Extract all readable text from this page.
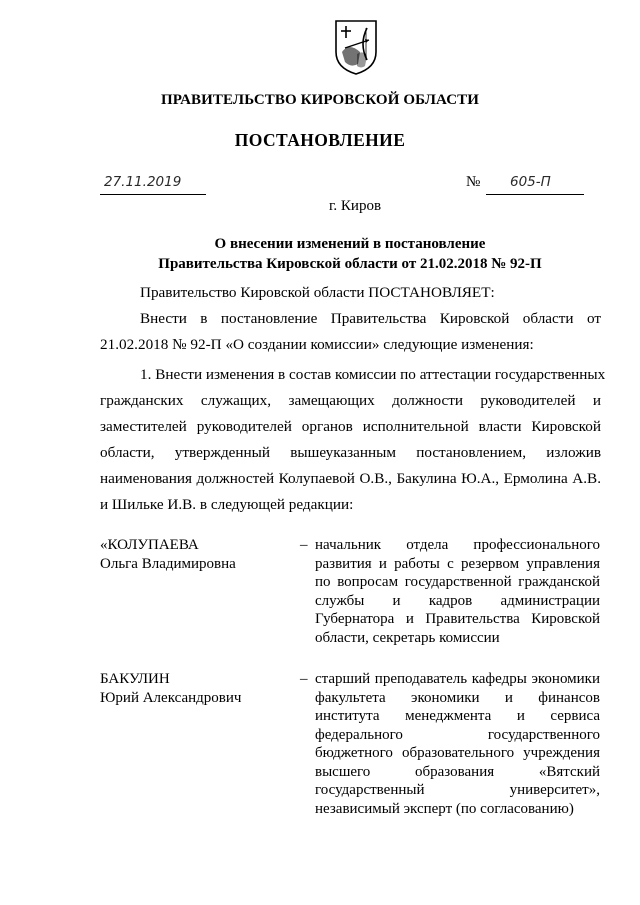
ПРАВИТЕЛЬСТВО КИРОВСКОЙ ОБЛАСТИ

ПОСТАНОВЛЕНИЕ

27.11.2019	№ 605-П

г. Киров

О внесении изменений в постановление

Правительства Кировской области от 21.02.2018 № 92-П

Правительство Кировской области ПОСТАНОВЛЯЕТ:

Внести в постановление Правительства Кировской области от

21.02.2018 № 92-П «О создании комиссии» следующие изменения:

1. Внести изменения в состав комиссии по аттестации государственных

гражданских служащих, замещающих должности руководителей и

заместителей руководителей органов исполнительной власти Кировской

области, утвержденный вышеуказанным постановлением, изложив

наименования должностей Колупаевой О.В., Бакулина Ю.А., Ермолина А.В.

и Шильке И.В. в следующей редакции:

«КОЛУПАЕВА
Ольга Владимировна
– начальник отдела профессионального развития и работы с резервом управления по вопросам государственной гражданской службы и кадров администрации Губернатора и Правительства Кировской области, секретарь комиссии
БАКУЛИН
Юрий Александрович
– старший преподаватель кафедры экономики факультета экономики и финансов института менеджмента и сервиса федерального государственного бюджетного образовательного учреждения высшего образования «Вятский государственный университет», независимый эксперт (по согласованию)
